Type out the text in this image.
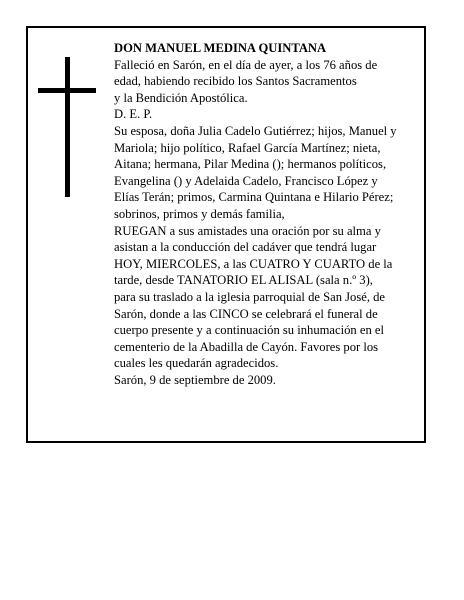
DON MANUEL MEDINA QUINTANA
Falleció en Sarón, en el día de ayer, a los 76 años de
edad, habiendo recibido los Santos Sacramentos
y la Bendición Apostólica.
D. E. P.
Su esposa, doña Julia Cadelo Gutiérrez; hijos, Manuel y
Mariola; hijo político, Rafael García Martínez; nieta,
Aitana; hermana, Pilar Medina (); hermanos políticos,
Evangelina () y Adelaida Cadelo, Francisco López y
Elías Terán; primos, Carmina Quintana e Hilario Pérez;
sobrinos, primos y demás familia,
RUEGAN a sus amistades una oración por su alma y
asistan a la conducción del cadáver que tendrá lugar
HOY, MIERCOLES, a las CUATRO Y CUARTO de la
tarde, desde TANATORIO EL ALISAL (sala n.º 3),
para su traslado a la iglesia parroquial de San José, de
Sarón, donde a las CINCO se celebrará el funeral de
cuerpo presente y a continuación su inhumación en el
cementerio de la Abadilla de Cayón. Favores por los
cuales les quedarán agradecidos.
Sarón, 9 de septiembre de 2009.
